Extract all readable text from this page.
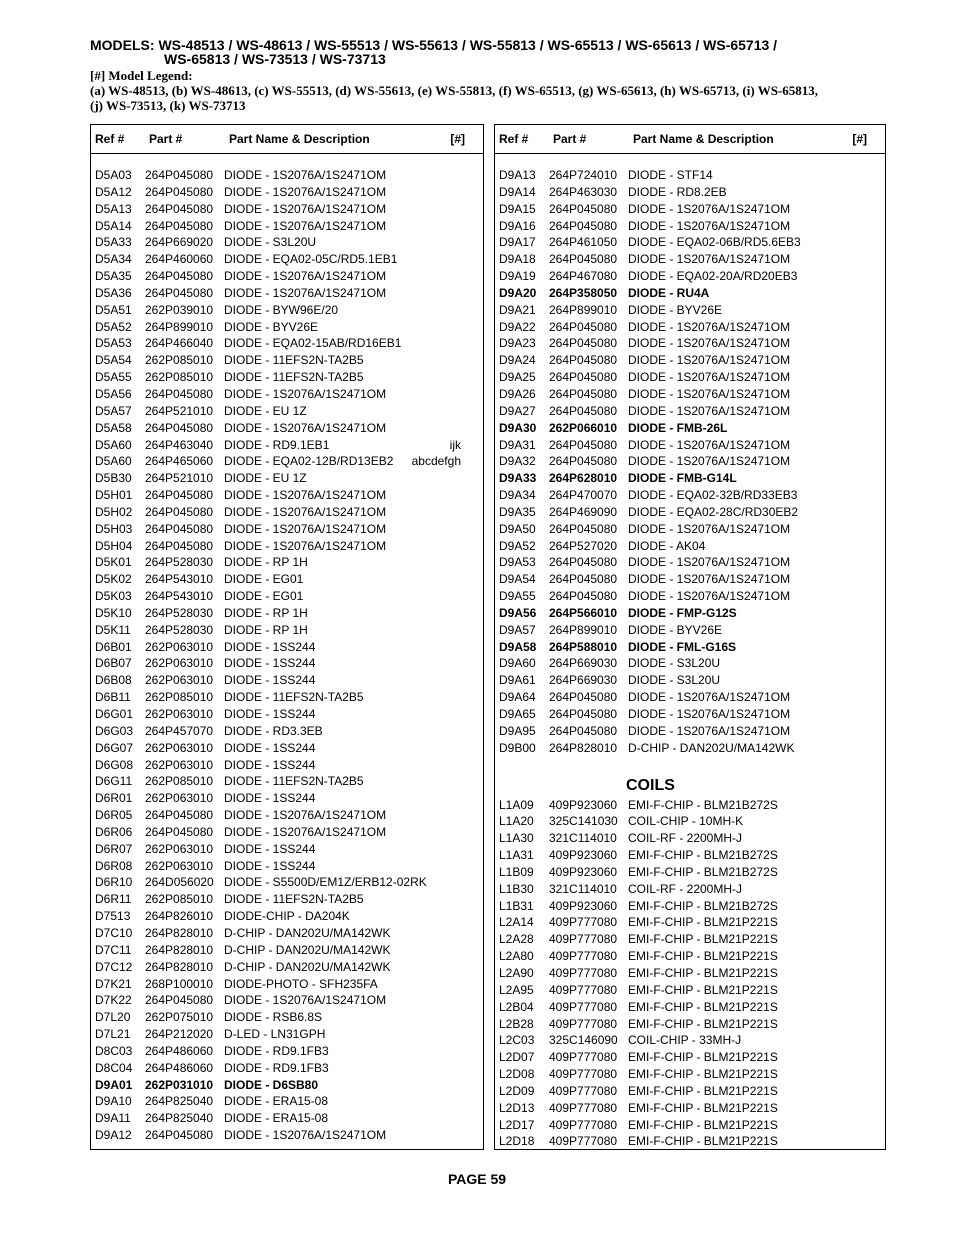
MODELS: WS-48513 / WS-48613 / WS-55513 / WS-55613 / WS-55813 / WS-65513 / WS-65613 / WS-65713 /
WS-65813 / WS-73513 / WS-73713
[#] Model Legend:
(a) WS-48513, (b) WS-48613, (c) WS-55513, (d) WS-55613, (e) WS-55813, (f) WS-65513, (g) WS-65613, (h) WS-65713, (i) WS-65813,
(j) WS-73513, (k) WS-73713
Ref # Part #	Part Name & Description	[#]
D5A03 264P045080 DIODE - 1S2076A/1S2471OM
D5A12 264P045080 DIODE - 1S2076A/1S2471OM
D5A13 264P045080 DIODE - 1S2076A/1S2471OM
D5A14 264P045080 DIODE - 1S2076A/1S2471OM
D5A33 264P669020 DIODE - S3L20U
D5A34 264P460060 DIODE - EQA02-05C/RD5.1EB1
D5A35 264P045080 DIODE - 1S2076A/1S2471OM
D5A36 264P045080 DIODE - 1S2076A/1S2471OM
D5A51 262P039010 DIODE - BYW96E/20
D5A52 264P899010 DIODE - BYV26E
D5A53 264P466040 DIODE - EQA02-15AB/RD16EB1
D5A54 262P085010 DIODE - 11EFS2N-TA2B5
D5A55 262P085010 DIODE - 11EFS2N-TA2B5
D5A56 264P045080 DIODE - 1S2076A/1S2471OM
D5A57 264P521010 DIODE - EU 1Z
D5A58 264P045080 DIODE - 1S2076A/1S2471OM
D5A60 264P463040 DIODE - RD9.1EB1	ijk
D5A60 264P465060 DIODE - EQA02-12B/RD13EB2 abcdefgh
D5B30 264P521010 DIODE - EU 1Z
D5H01 264P045080 DIODE - 1S2076A/1S2471OM
D5H02 264P045080 DIODE - 1S2076A/1S2471OM
D5H03 264P045080 DIODE - 1S2076A/1S2471OM
D5H04 264P045080 DIODE - 1S2076A/1S2471OM
D5K01 264P528030 DIODE - RP 1H
D5K02 264P543010 DIODE - EG01
D5K03 264P543010 DIODE - EG01
D5K10 264P528030 DIODE - RP 1H
D5K11 264P528030 DIODE - RP 1H
D6B01 262P063010 DIODE - 1SS244
D6B07 262P063010 DIODE - 1SS244
D6B08 262P063010 DIODE - 1SS244
D6B11 262P085010 DIODE - 11EFS2N-TA2B5
D6G01 262P063010 DIODE - 1SS244
D6G03 264P457070 DIODE - RD3.3EB
D6G07 262P063010 DIODE - 1SS244
D6G08 262P063010 DIODE - 1SS244
D6G11 262P085010 DIODE - 11EFS2N-TA2B5
D6R01 262P063010 DIODE - 1SS244
D6R05 264P045080 DIODE - 1S2076A/1S2471OM
D6R06 264P045080 DIODE - 1S2076A/1S2471OM
D6R07 262P063010 DIODE - 1SS244
D6R08 262P063010 DIODE - 1SS244
D6R10 264D056020 DIODE - S5500D/EM1Z/ERB12-02RK
D6R11 262P085010 DIODE - 11EFS2N-TA2B5
D7513 264P826010 DIODE-CHIP - DA204K
D7C10 264P828010 D-CHIP - DAN202U/MA142WK
D7C11 264P828010 D-CHIP - DAN202U/MA142WK
D7C12 264P828010 D-CHIP - DAN202U/MA142WK
D7K21 268P100010 DIODE-PHOTO - SFH235FA
D7K22 264P045080 DIODE - 1S2076A/1S2471OM
D7L20 262P075010 DIODE - RSB6.8S
D7L21 264P212020 D-LED - LN31GPH
D8C03 264P486060 DIODE - RD9.1FB3
D8C04 264P486060 DIODE - RD9.1FB3
D9A01 262P031010 DIODE - D6SB80
D9A10 264P825040 DIODE - ERA15-08
D9A11 264P825040 DIODE - ERA15-08
D9A12 264P045080 DIODE - 1S2076A/1S2471OM
Ref # Part #	Part Name & Description	[#]
D9A13 264P724010 DIODE - STF14
D9A14 264P463030 DIODE - RD8.2EB
D9A15 264P045080 DIODE - 1S2076A/1S2471OM
D9A16 264P045080 DIODE - 1S2076A/1S2471OM
D9A17 264P461050 DIODE - EQA02-06B/RD5.6EB3
D9A18 264P045080 DIODE - 1S2076A/1S2471OM
D9A19 264P467080 DIODE - EQA02-20A/RD20EB3
D9A20 264P358050 DIODE - RU4A
D9A21 264P899010 DIODE - BYV26E
D9A22 264P045080 DIODE - 1S2076A/1S2471OM
D9A23 264P045080 DIODE - 1S2076A/1S2471OM
D9A24 264P045080 DIODE - 1S2076A/1S2471OM
D9A25 264P045080 DIODE - 1S2076A/1S2471OM
D9A26 264P045080 DIODE - 1S2076A/1S2471OM
D9A27 264P045080 DIODE - 1S2076A/1S2471OM
D9A30 262P066010 DIODE - FMB-26L
D9A31 264P045080 DIODE - 1S2076A/1S2471OM
D9A32 264P045080 DIODE - 1S2076A/1S2471OM
D9A33 264P628010 DIODE - FMB-G14L
D9A34 264P470070 DIODE - EQA02-32B/RD33EB3
D9A35 264P469090 DIODE - EQA02-28C/RD30EB2
D9A50 264P045080 DIODE - 1S2076A/1S2471OM
D9A52 264P527020 DIODE - AK04
D9A53 264P045080 DIODE - 1S2076A/1S2471OM
D9A54 264P045080 DIODE - 1S2076A/1S2471OM
D9A55 264P045080 DIODE - 1S2076A/1S2471OM
D9A56 264P566010 DIODE - FMP-G12S
D9A57 264P899010 DIODE - BYV26E
D9A58 264P588010 DIODE - FML-G16S
D9A60 264P669030 DIODE - S3L20U
D9A61 264P669030 DIODE - S3L20U
D9A64 264P045080 DIODE - 1S2076A/1S2471OM
D9A65 264P045080 DIODE - 1S2076A/1S2471OM
D9A95 264P045080 DIODE - 1S2076A/1S2471OM
D9B00 264P828010 D-CHIP - DAN202U/MA142WK
COILS
L1A09 409P923060 EMI-F-CHIP - BLM21B272S
L1A20 325C141030 COIL-CHIP - 10MH-K
L1A30 321C114010 COIL-RF - 2200MH-J
L1A31 409P923060 EMI-F-CHIP - BLM21B272S
L1B09 409P923060 EMI-F-CHIP - BLM21B272S
L1B30 321C114010 COIL-RF - 2200MH-J
L1B31 409P923060 EMI-F-CHIP - BLM21B272S
L2A14 409P777080 EMI-F-CHIP - BLM21P221S
L2A28 409P777080 EMI-F-CHIP - BLM21P221S
L2A80 409P777080 EMI-F-CHIP - BLM21P221S
L2A90 409P777080 EMI-F-CHIP - BLM21P221S
L2A95 409P777080 EMI-F-CHIP - BLM21P221S
L2B04 409P777080 EMI-F-CHIP - BLM21P221S
L2B28 409P777080 EMI-F-CHIP - BLM21P221S
L2C03 325C146090 COIL-CHIP - 33MH-J
L2D07 409P777080 EMI-F-CHIP - BLM21P221S
L2D08 409P777080 EMI-F-CHIP - BLM21P221S
L2D09 409P777080 EMI-F-CHIP - BLM21P221S
L2D13 409P777080 EMI-F-CHIP - BLM21P221S
L2D17 409P777080 EMI-F-CHIP - BLM21P221S
L2D18 409P777080 EMI-F-CHIP - BLM21P221S
PAGE 59
